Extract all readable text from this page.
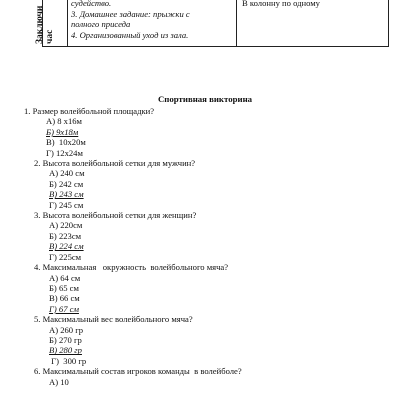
Заключи час
судейство.
3. Домашнее задание: прыжки с
полного приседа
4. Организованный уход из зала.
В колонну по одному
Спортивная викторина
1. Размер волейбольной площадки?
А) 8 х16м
Б) 9х18м
В)  10х20м
Г) 12х24м
2. Высота волейбольной сетки для мужчин?
А) 240 см
Б) 242 см
В) 243 см
Г) 245 см
3. Высота волейбольной сетки для женщин?
А) 220см
Б) 223см
В) 224 см
Г) 225см
4. Максимальная   окружность  волейбольного мяча?
А) 64 см
Б) 65 см
В) 66 см
Г) 67 см
5. Максимальный вес волейбольного мяча?
А) 260 гр
Б) 270 гр
В) 280 гр
Г)  300 гр
6. Максимальный состав игроков команды  в волейболе?
А) 10
